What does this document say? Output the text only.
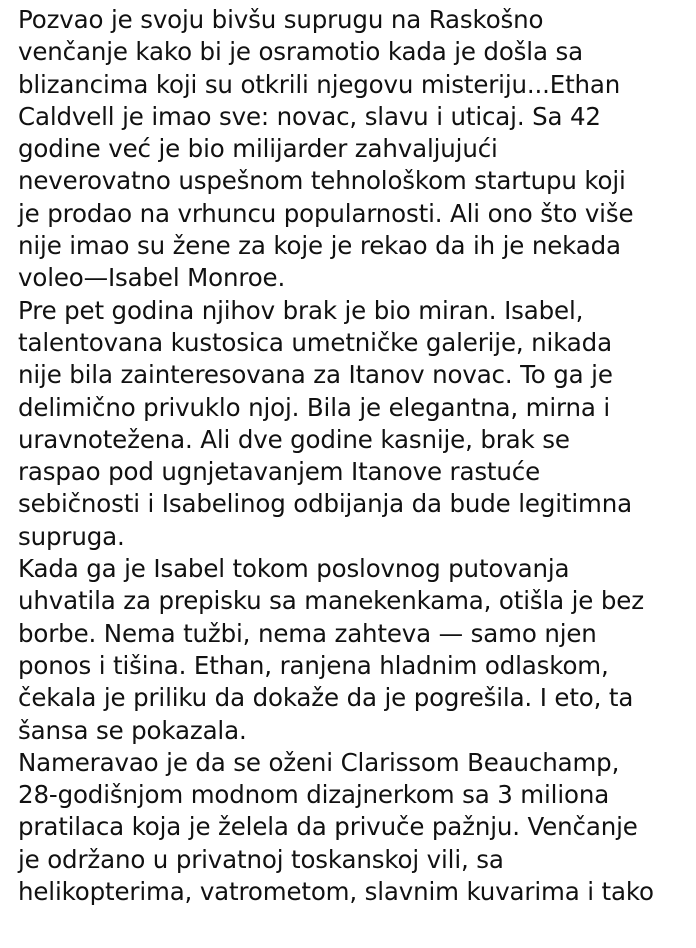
Pozvao je svoju bivšu suprugu na Raskošno
venčanje kako bi je osramotio kada je došla sa
blizancima koji su otkrili njegovu misteriju...Ethan
Caldvell je imao sve: novac, slavu i uticaj. Sa 42
godine već je bio milijarder zahvaljujući
neverovatno uspešnom tehnološkom startupu koji
je prodao na vrhuncu popularnosti. Ali ono što više
nije imao su žene za koje je rekao da ih je nekada
voleo—Isabel Monroe.
Pre pet godina njihov brak je bio miran. Isabel,
talentovana kustosica umetničke galerije, nikada
nije bila zainteresovana za Itanov novac. To ga je
delimično privuklo njoj. Bila je elegantna, mirna i
uravnotežena. Ali dve godine kasnije, brak se
raspao pod ugnjetavanjem Itanove rastuće
sebičnosti i Isabelinog odbijanja da bude legitimna
supruga.
Kada ga je Isabel tokom poslovnog putovanja
uhvatila za prepisku sa manekenkama, otišla je bez
borbe. Nema tužbi, nema zahteva — samo njen
ponos i tišina. Ethan, ranjena hladnim odlaskom,
čekala je priliku da dokaže da je pogrešila. I eto, ta
šansa se pokazala.
Nameravao je da se oženi Clarissom Beauchamp,
28-godišnjom modnom dizajnerkom sa 3 miliona
pratilaca koja je želela da privuče pažnju. Venčanje
je održano u privatnoj toskanskoj vili, sa
helikopterima, vatrometom, slavnim kuvarima i tako
